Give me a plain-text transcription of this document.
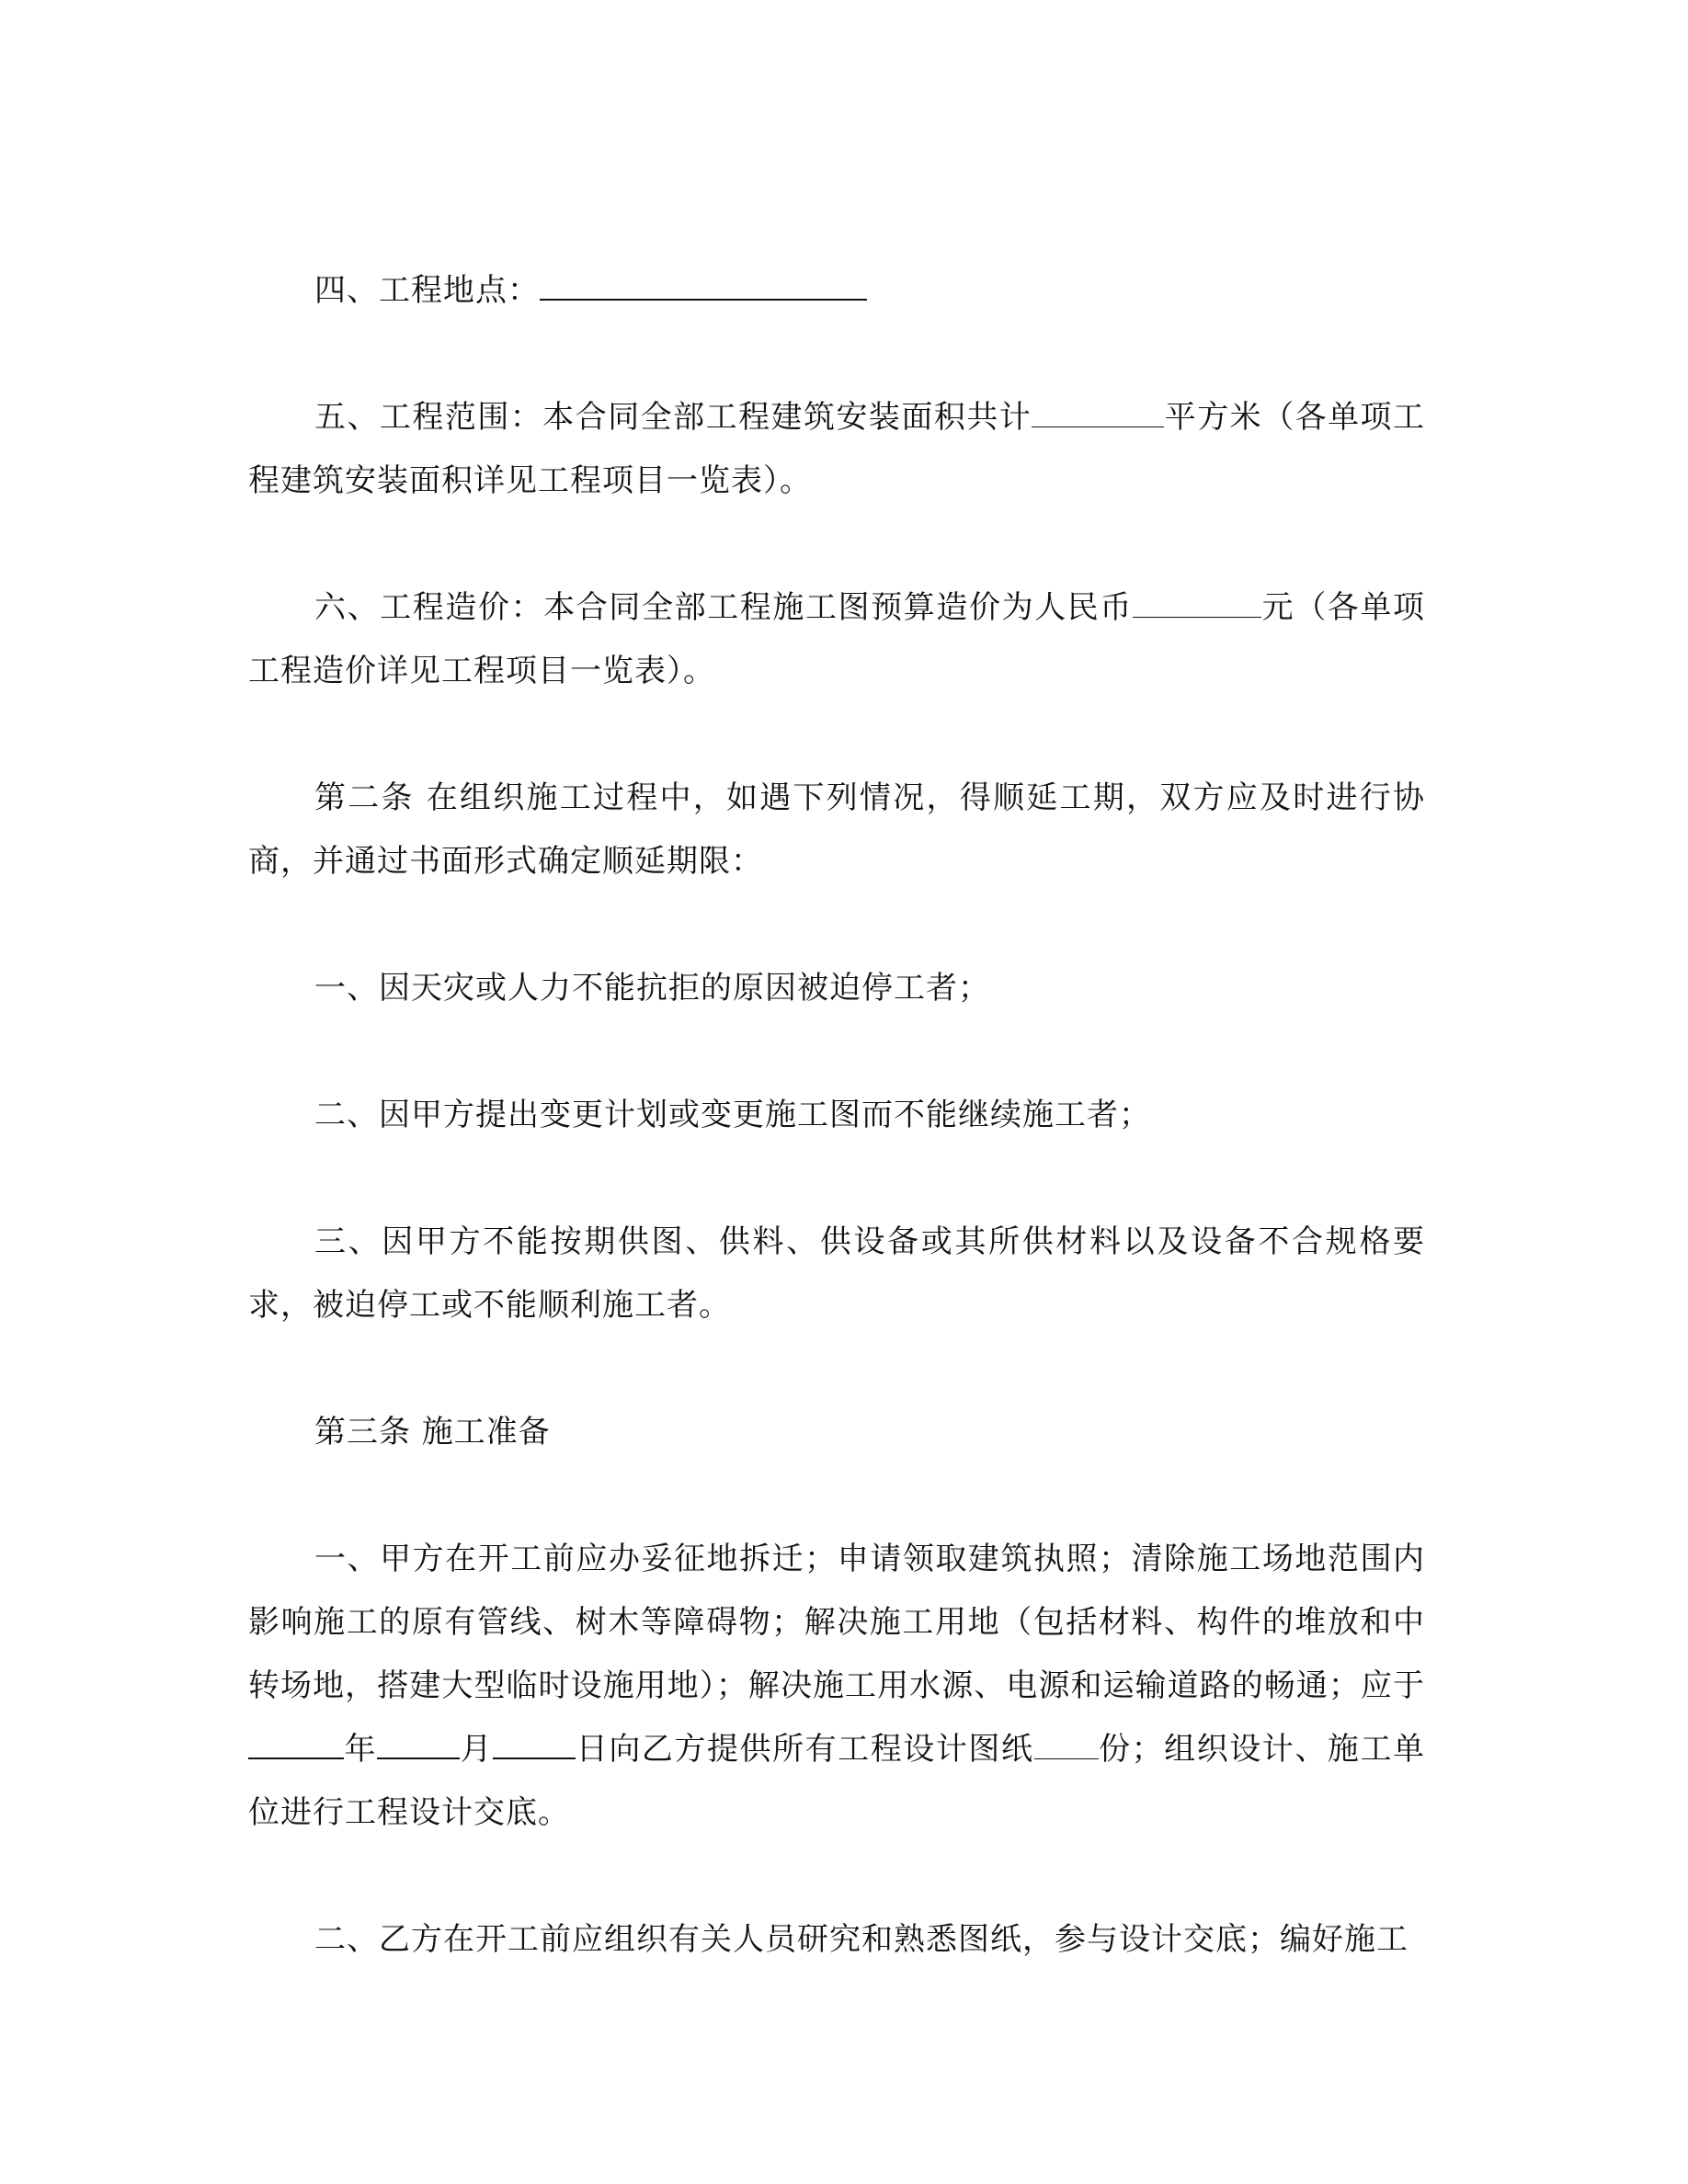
四、工程地点：

五、工程范围：本合同全部工程建筑安装面积共计	平方米（各单项工程建筑安装面积详见工程项目一览表）。

六、工程造价：本合同全部工程施工图预算造价为人民币	元（各单项工程造价详见工程项目一览表）。

第二条 在组织施工过程中，如遇下列情况，得顺延工期，双方应及时进行协商，并通过书面形式确定顺延期限：

一、因天灾或人力不能抗拒的原因被迫停工者；

二、因甲方提出变更计划或变更施工图而不能继续施工者；

三、因甲方不能按期供图、供料、供设备或其所供材料以及设备不合规格要求，被迫停工或不能顺利施工者。

第三条 施工准备

一、甲方在开工前应办妥征地拆迁；申请领取建筑执照；清除施工场地范围内影响施工的原有管线、树木等障碍物；解决施工用地（包括材料、构件的堆放和中转场地，搭建大型临时设施用地）；解决施工用水源、电源和运输道路的畅通；应于年	月	日向乙方提供所有工程设计图纸 份；组织设计、施工单位进行工程设计交底。

二、乙方在开工前应组织有关人员研究和熟悉图纸，参与设计交底；编好施工
